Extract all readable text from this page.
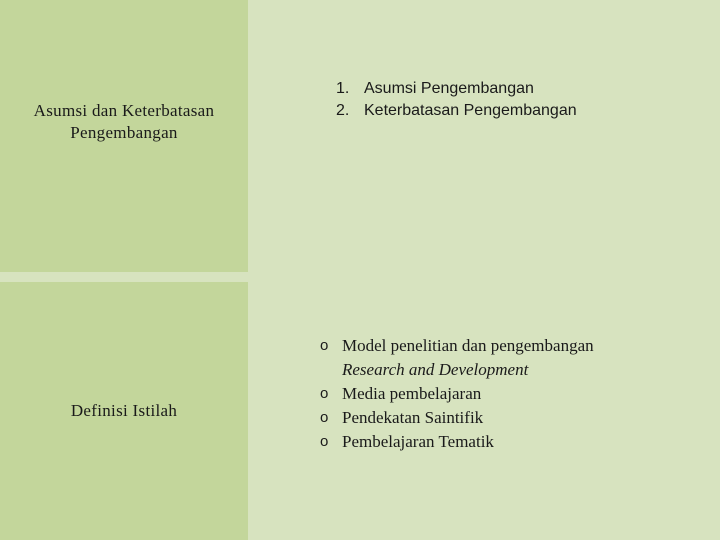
Asumsi dan Keterbatasan
Pengembangan
Definisi Istilah
1. Asumsi Pengembangan
2. Keterbatasan Pengembangan
o Model penelitian dan pengembangan
Research and Development
o Media pembelajaran
o Pendekatan Saintifik
o Pembelajaran Tematik
